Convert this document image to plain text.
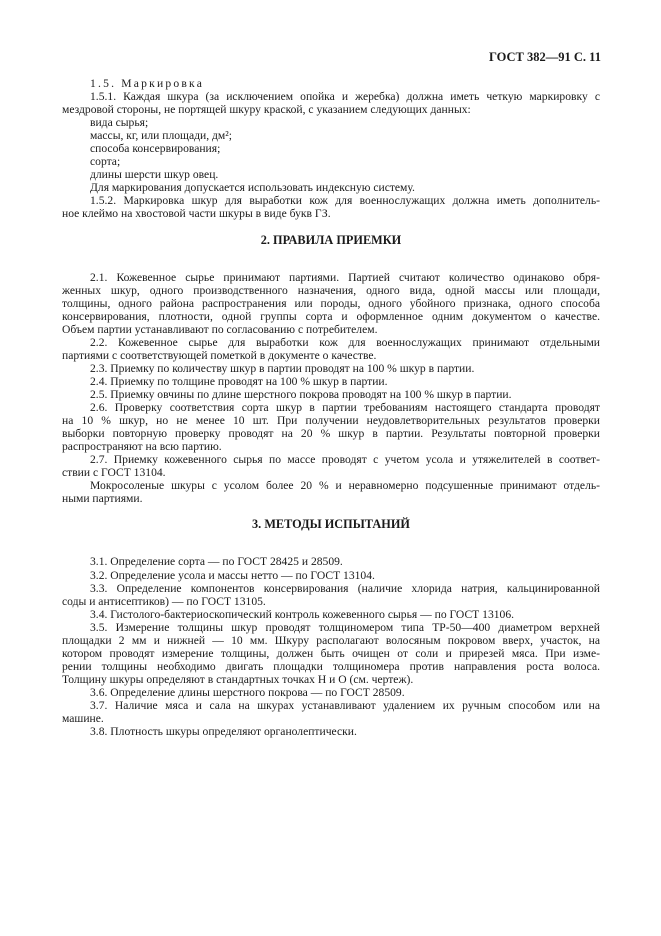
ГОСТ 382—91 С. 11
1.5. Маркировка
1.5.1. Каждая шкура (за исключением опойка и жеребка) должна иметь четкую маркировку с
мездровой стороны, не портящей шкуру краской, с указанием следующих данных:
вида сырья;
массы, кг, или площади, дм²;
способа консервирования;
сорта;
длины шерсти шкур овец.
Для маркирования допускается использовать индексную систему.
1.5.2. Маркировка шкур для выработки кож для военнослужащих должна иметь дополнитель-
ное клеймо на хвостовой части шкуры в виде букв ГЗ.
2. ПРАВИЛА ПРИЕМКИ
2.1. Кожевенное сырье принимают партиями. Партией считают количество одинаково обря-
женных шкур, одного производственного назначения, одного вида, одной массы или площади,
толщины, одного района распространения или породы, одного убойного признака, одного способа
консервирования, плотности, одной группы сорта и оформленное одним документом о качестве.
Объем партии устанавливают по согласованию с потребителем.
2.2. Кожевенное сырье для выработки кож для военнослужащих принимают отдельными
партиями с соответствующей пометкой в документе о качестве.
2.3. Приемку по количеству шкур в партии проводят на 100 % шкур в партии.
2.4. Приемку по толщине проводят на 100 % шкур в партии.
2.5. Приемку овчины по длине шерстного покрова проводят на 100 % шкур в партии.
2.6. Проверку соответствия сорта шкур в партии требованиям настоящего стандарта проводят
на 10 % шкур, но не менее 10 шт. При получении неудовлетворительных результатов проверки
выборки повторную проверку проводят на 20 % шкур в партии. Результаты повторной проверки
распространяют на всю партию.
2.7. Приемку кожевенного сырья по массе проводят с учетом усола и утяжелителей в соответ-
ствии с ГОСТ 13104.
Мокросоленые шкуры с усолом более 20 % и неравномерно подсушенные принимают отдель-
ными партиями.
3. МЕТОДЫ ИСПЫТАНИЙ
3.1. Определение сорта — по ГОСТ 28425 и 28509.
3.2. Определение усола и массы нетто — по ГОСТ 13104.
3.3. Определение компонентов консервирования (наличие хлорида натрия, кальцинированной
соды и антисептиков) — по ГОСТ 13105.
3.4. Гистолого-бактериоскопический контроль кожевенного сырья — по ГОСТ 13106.
3.5. Измерение толщины шкур проводят толщиномером типа ТР-50—400 диаметром верхней
площадки 2 мм и нижней — 10 мм. Шкуру располагают волосяным покровом вверх, участок, на
котором проводят измерение толщины, должен быть очищен от соли и прирезей мяса. При изме-
рении толщины необходимо двигать площадки толщиномера против направления роста волоса.
Толщину шкуры определяют в стандартных точках Н и О (см. чертеж).
3.6. Определение длины шерстного покрова — по ГОСТ 28509.
3.7. Наличие мяса и сала на шкурах устанавливают удалением их ручным способом или на
машине.
3.8. Плотность шкуры определяют органолептически.
